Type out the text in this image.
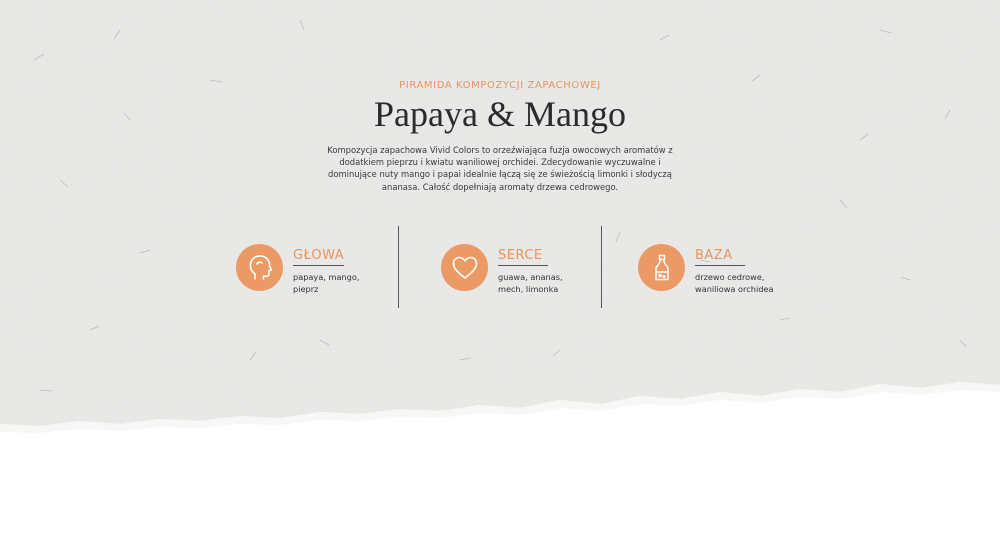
PIRAMIDA KOMPOZYCJI ZAPACHOWEJ
Papaya & Mango

Kompozycja zapachowa Vivid Colors to orzeźwiająca fuzja owocowych aromatów z dodatkiem pieprzu i kwiatu waniliowej orchidei. Zdecydowanie wyczuwalne i dominujące nuty mango i papai idealnie łączą się ze świeżością limonki i słodyczą ananasa. Całość dopełniają aromaty drzewa cedrowego.

GŁOWA
papaya, mango, pieprz
SERCE
guawa, ananas, mech, limonka
BAZA
drzewo cedrowe, waniliowa orchidea
